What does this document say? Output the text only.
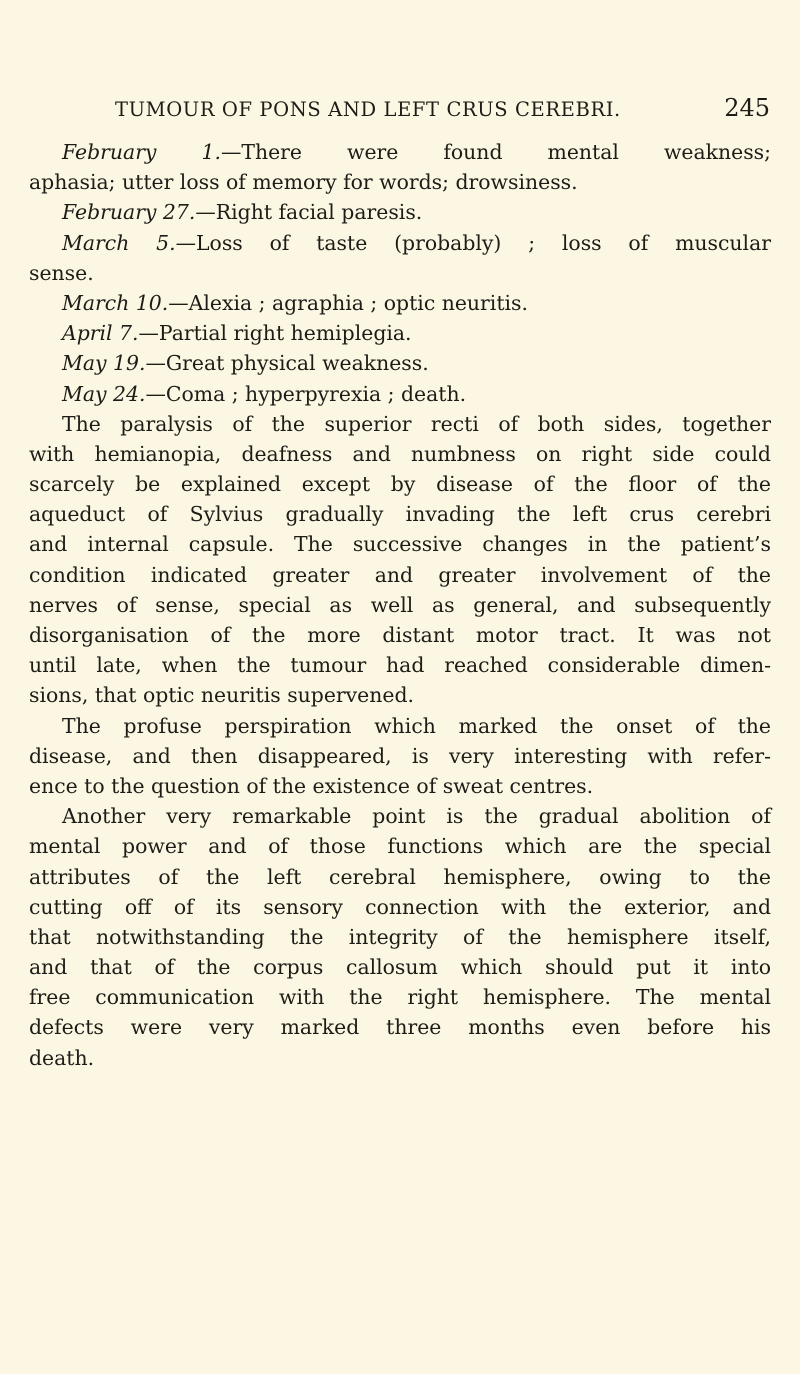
TUMOUR OF PONS AND LEFT CRUS CEREBRI.	245
February 1.—There were found mental weakness;
aphasia; utter loss of memory for words; drowsiness.
February 27.—Right facial paresis.
March 5.—Loss of taste (probably) ; loss of muscular
sense.
March 10.—Alexia ; agraphia ; optic neuritis.
April 7.—Partial right hemiplegia.
May 19.—Great physical weakness.
May 24.—Coma ; hyperpyrexia ; death.
The paralysis of the superior recti of both sides, together
with hemianopia, deafness and numbness on right side could
scarcely be explained except by disease of the floor of the
aqueduct of Sylvius gradually invading the left crus cerebri
and internal capsule. The successive changes in the patient’s
condition indicated greater and greater involvement of the
nerves of sense, special as well as general, and subsequently
disorganisation of the more distant motor tract. It was not
until late, when the tumour had reached considerable dimen-
sions, that optic neuritis supervened.
The profuse perspiration which marked the onset of the
disease, and then disappeared, is very interesting with refer-
ence to the question of the existence of sweat centres.
Another very remarkable point is the gradual abolition of
mental power and of those functions which are the special
attributes of the left cerebral hemisphere, owing to the
cutting off of its sensory connection with the exterior, and
that notwithstanding the integrity of the hemisphere itself,
and that of the corpus callosum which should put it into
free communication with the right hemisphere. The mental
defects were very marked three months even before his
death.
